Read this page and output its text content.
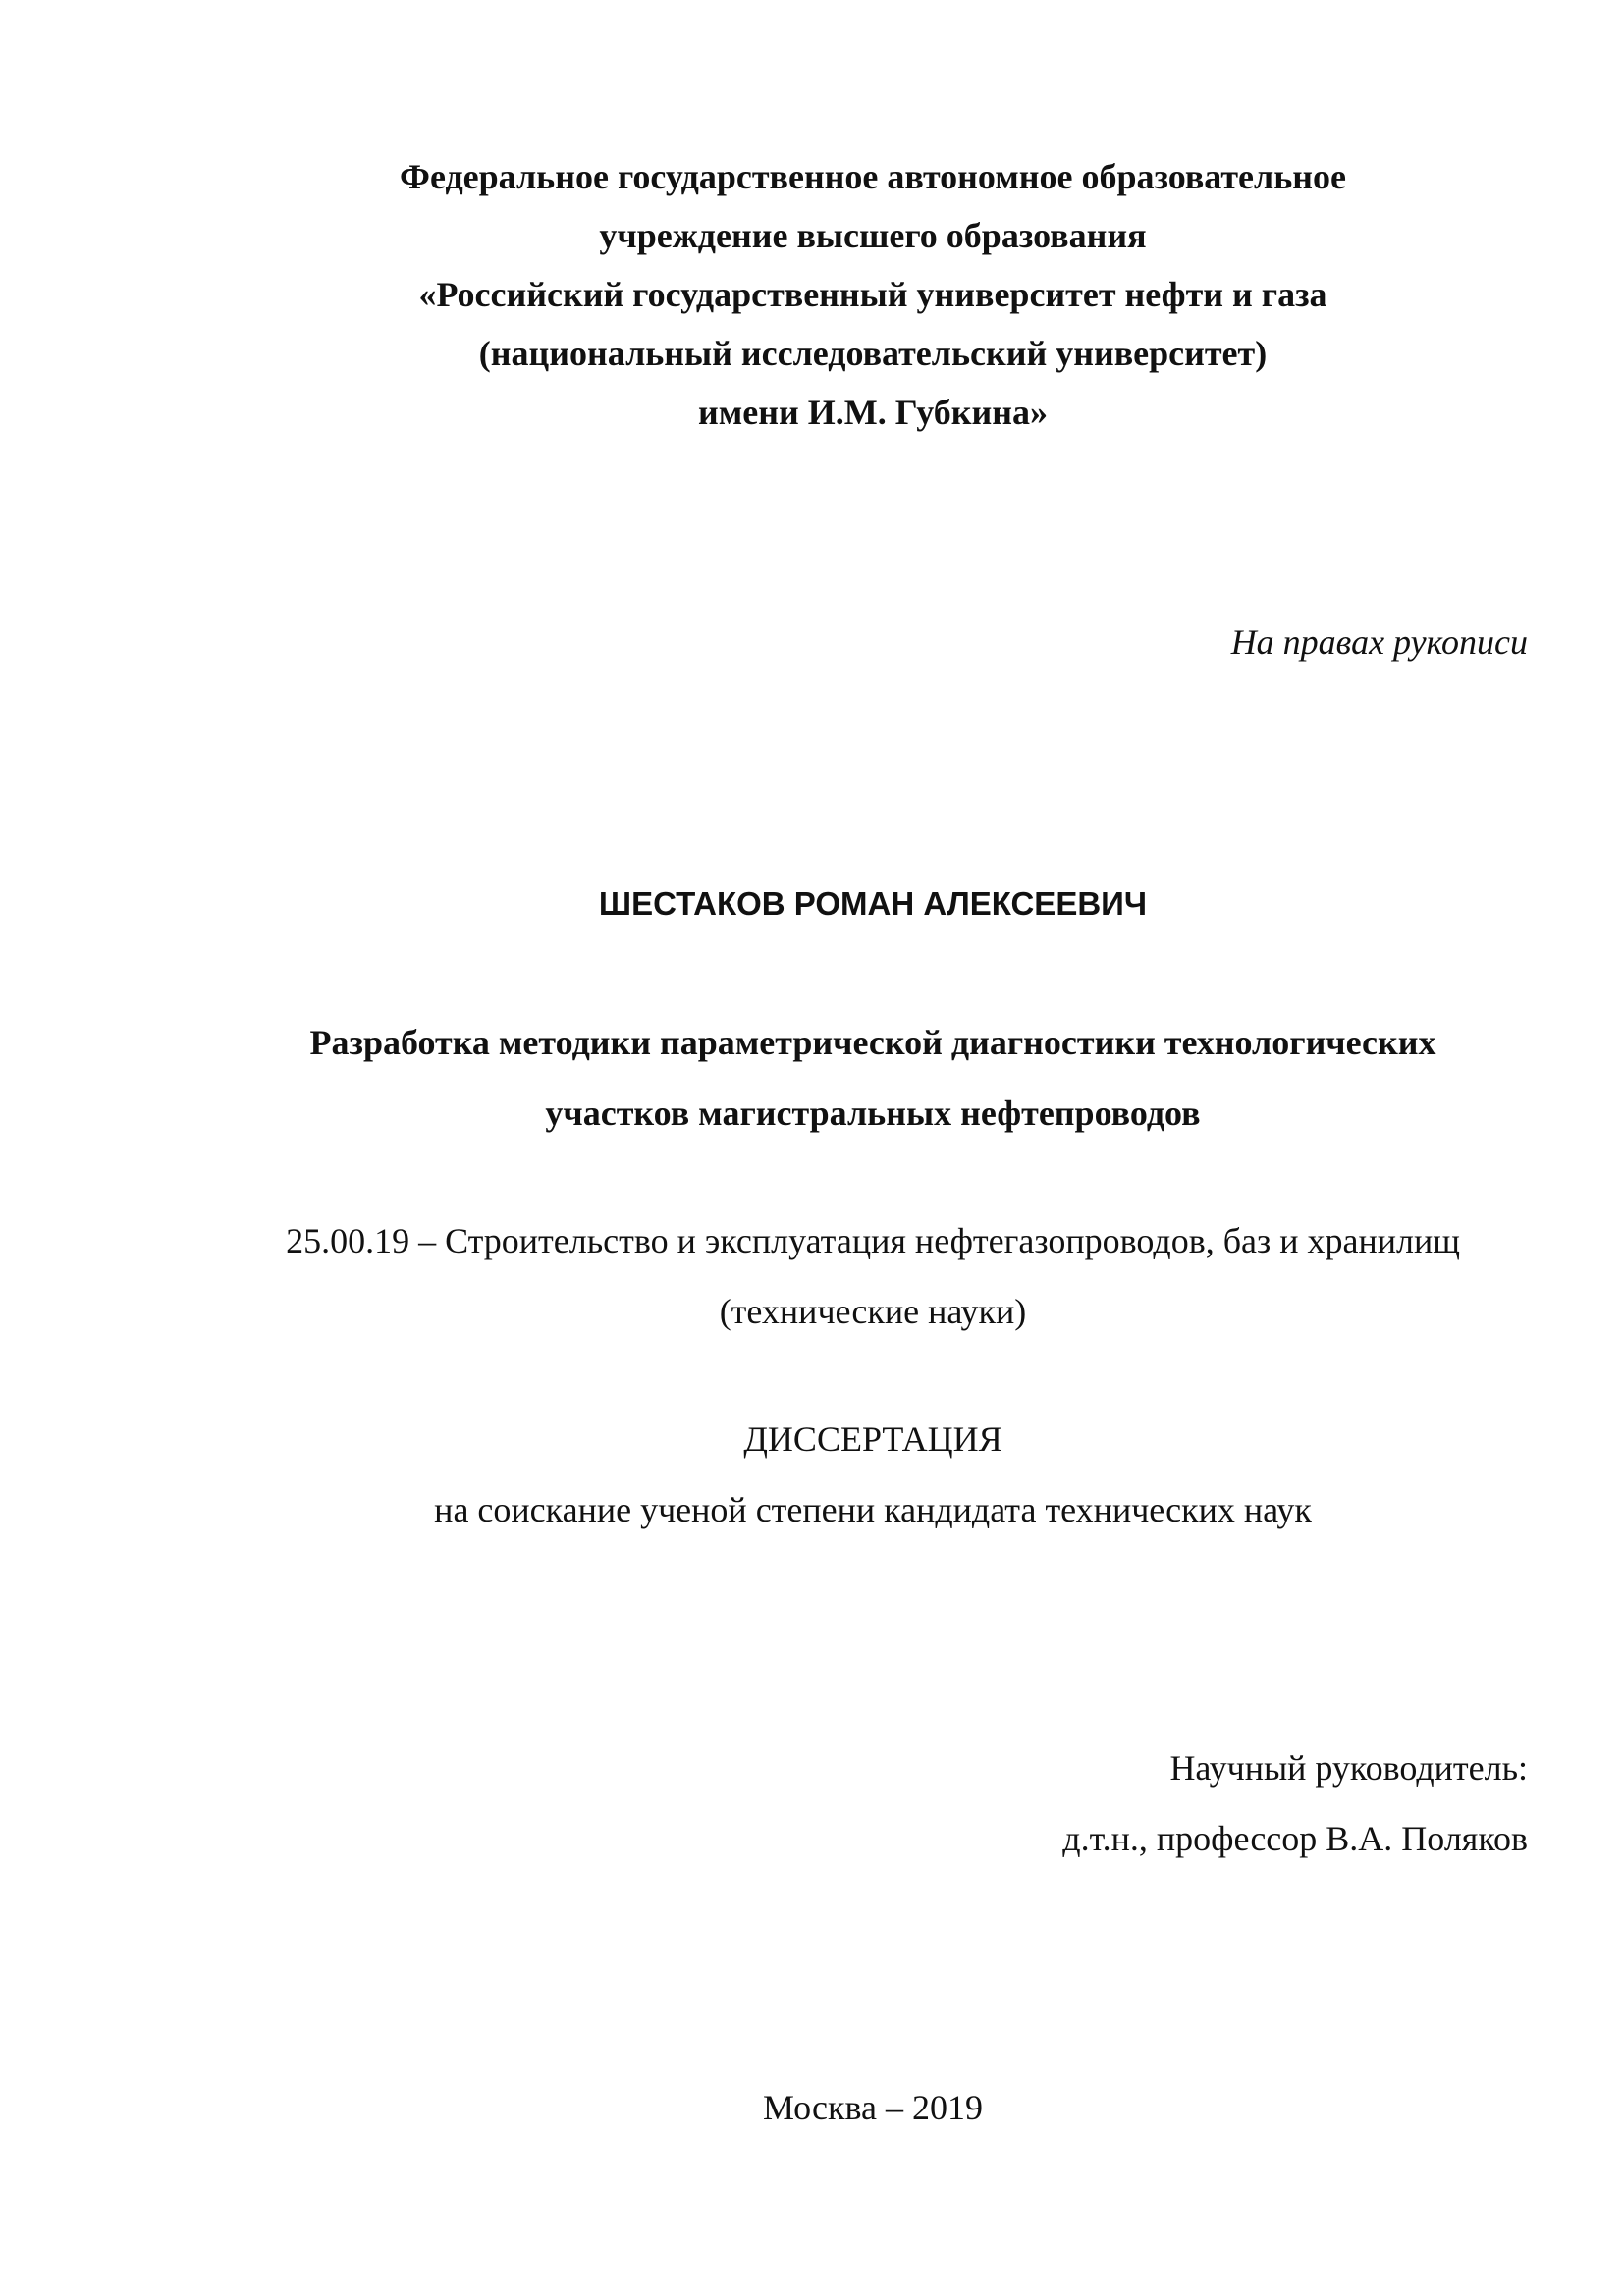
Федеральное государственное автономное образовательное
учреждение высшего образования
«Российский государственный университет нефти и газа
(национальный исследовательский университет)
имени И.М. Губкина»
На правах рукописи
ШЕСТАКОВ РОМАН АЛЕКСЕЕВИЧ
Разработка методики параметрической диагностики технологических
участков магистральных нефтепроводов
25.00.19 – Строительство и эксплуатация нефтегазопроводов, баз и хранилищ
(технические науки)
ДИССЕРТАЦИЯ
на соискание ученой степени кандидата технических наук
Научный руководитель:
д.т.н., профессор В.А. Поляков
Москва – 2019
